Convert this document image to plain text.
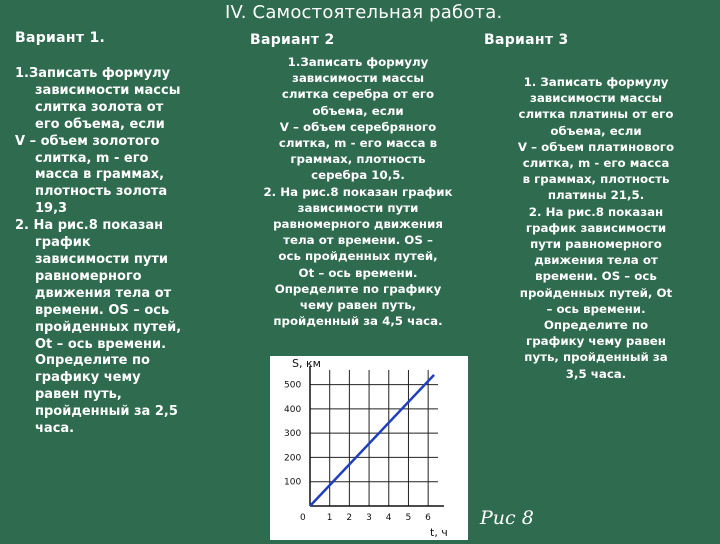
IV. Самостоятельная работа.
Вариант 1.

1.Записать формулу

зависимости массы

слитка золота от

его объема, если

V – объем золотого

слитка, m - его

масса в граммах,

плотность золота

19,3

2. На рис.8 показан

график

зависимости пути

равномерного

движения тела от

времени. OS – ось

пройденных путей,

Ot – ось времени.

Определите по

графику чему

равен путь,

пройденный за 2,5

часа.

Вариант 2

1.Записать формулу

зависимости массы

слитка серебра от его

объема, если

V – объем серебряного

слитка, m - его масса в

граммах, плотность

серебра 10,5.

2. На рис.8 показан график

зависимости пути

равномерного движения

тела от времени. OS –

ось пройденных путей,

Ot – ось времени.

Определите по графику

чему равен путь,

пройденный за 4,5 часа.

Вариант 3

1. Записать формулу

зависимости массы

слитка платины от его

объема, если

V – объем платинового

слитка, m - его масса

в граммах, плотность

платины 21,5.

2. На рис.8 показан

график зависимости

пути равномерного

движения тела от

времени. OS – ось

пройденных путей, Ot

– ось времени.

Определите по

графику чему равен

путь, пройденный за

3,5 часа.

0 1 2 3 4 5 6
100
200
300
400
500
S, км
t, ч
Рис 8
